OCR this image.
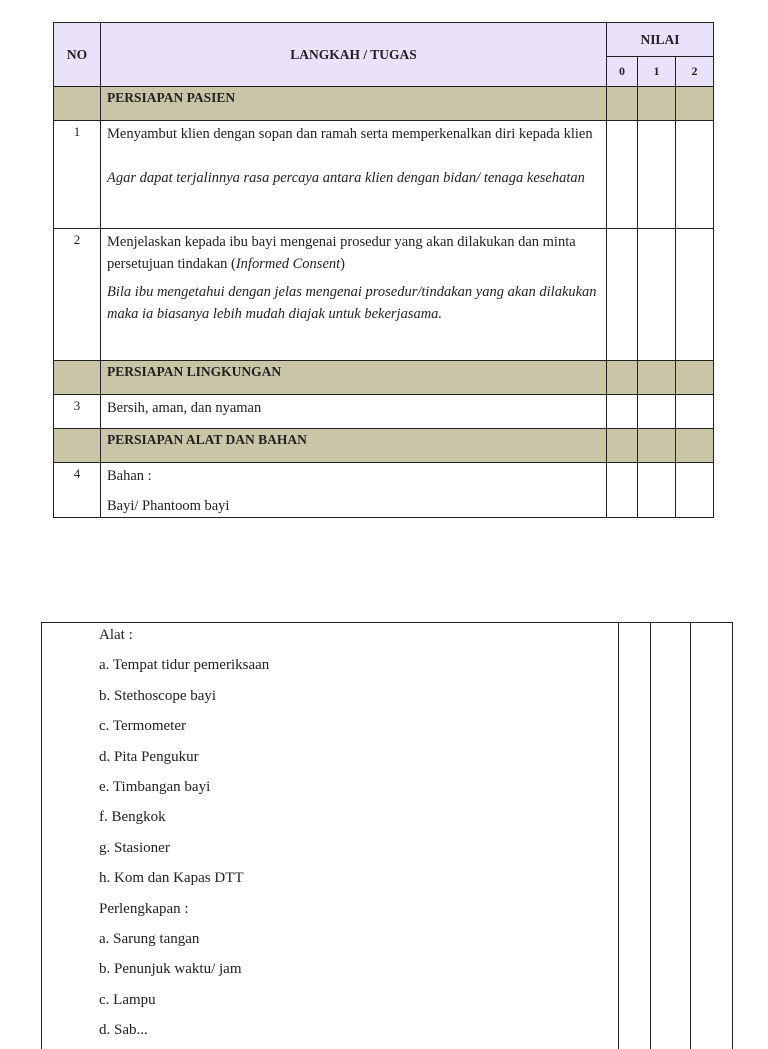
NO	LANGKAH / TUGAS	NILAI		
		0	1	2
	PERSIAPAN PASIEN			
1	Menyambut klien dengan sopan dan ramah serta memperkenalkan diri kepada klien

Agar dapat terjalinnya rasa percaya antara klien dengan bidan/ tenaga kesehatan			

2	Menjelaskan kepada ibu bayi mengenai prosedur yang akan dilakukan dan minta persetujuan tindakan (Informed Consent)

Bila ibu mengetahui dengan jelas mengenai prosedur/tindakan yang akan dilakukan maka ia biasanya lebih mudah diajak untuk bekerjasama.			

	PERSIAPAN LINGKUNGAN			
3	Bersih, aman, dan nyaman			
	PERSIAPAN ALAT DAN BAHAN			
4	Bahan :

Bayi/ Phantoom bayi			

Alat :
a. Tempat tidur pemeriksaan
b. Stethoscope bayi
c. Termometer
d. Pita Pengukur
e. Timbangan bayi
f. Bengkok
g. Stasioner
h. Kom dan Kapas DTT
Perlengkapan :
a. Sarung tangan
b. Penunjuk waktu/ jam
c. Lampu
d. Sab...
